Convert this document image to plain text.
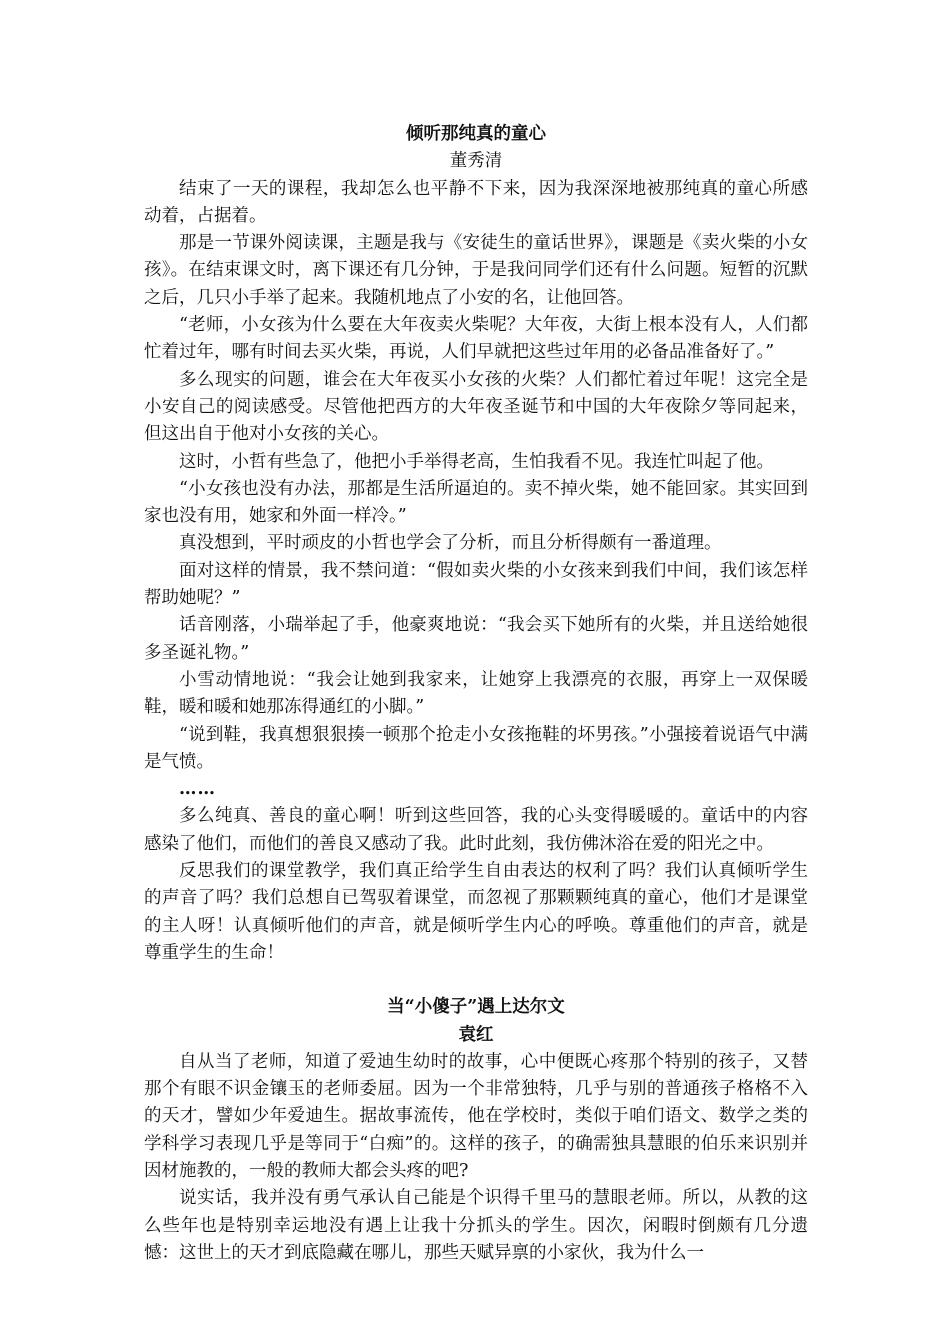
倾听那纯真的童心

董秀清

结束了一天的课程，我却怎么也平静不下来，因为我深深地被那纯真的童心所感动着，占据着。

那是一节课外阅读课，主题是我与《安徒生的童话世界》，课题是《卖火柴的小女孩》。在结束课文时，离下课还有几分钟，于是我问同学们还有什么问题。短暂的沉默之后，几只小手举了起来。我随机地点了小安的名，让他回答。

“老师，小女孩为什么要在大年夜卖火柴呢？大年夜，大街上根本没有人，人们都忙着过年，哪有时间去买火柴，再说，人们早就把这些过年用的必备品准备好了。”

多么现实的问题，谁会在大年夜买小女孩的火柴？人们都忙着过年呢！这完全是小安自己的阅读感受。尽管他把西方的大年夜圣诞节和中国的大年夜除夕等同起来，但这出自于他对小女孩的关心。

这时，小哲有些急了，他把小手举得老高，生怕我看不见。我连忙叫起了他。

“小女孩也没有办法，那都是生活所逼迫的。卖不掉火柴，她不能回家。其实回到家也没有用，她家和外面一样冷。”

真没想到，平时顽皮的小哲也学会了分析，而且分析得颇有一番道理。

面对这样的情景，我不禁问道：“假如卖火柴的小女孩来到我们中间，我们该怎样帮助她呢？”

话音刚落，小瑞举起了手，他豪爽地说：“我会买下她所有的火柴，并且送给她很多圣诞礼物。”

小雪动情地说：“我会让她到我家来，让她穿上我漂亮的衣服，再穿上一双保暖鞋，暖和暖和她那冻得通红的小脚。”

“说到鞋，我真想狠狠揍一顿那个抢走小女孩拖鞋的坏男孩。”小强接着说语气中满是气愤。

……

多么纯真、善良的童心啊！听到这些回答，我的心头变得暖暖的。童话中的内容感染了他们，而他们的善良又感动了我。此时此刻，我仿佛沐浴在爱的阳光之中。

反思我们的课堂教学，我们真正给学生自由表达的权利了吗？我们认真倾听学生的声音了吗？我们总想自已驾驭着课堂，而忽视了那颗颗纯真的童心，他们才是课堂的主人呀！认真倾听他们的声音，就是倾听学生内心的呼唤。尊重他们的声音，就是尊重学生的生命！

当“小傻子”遇上达尔文

袁红

自从当了老师，知道了爱迪生幼时的故事，心中便既心疼那个特别的孩子，又替那个有眼不识金镶玉的老师委屈。因为一个非常独特，几乎与别的普通孩子格格不入的天才，譬如少年爱迪生。据故事流传，他在学校时，类似于咱们语文、数学之类的学科学习表现几乎是等同于“白痴”的。这样的孩子，的确需独具慧眼的伯乐来识别并因材施教的，一般的教师大都会头疼的吧?

说实话，我并没有勇气承认自己能是个识得千里马的慧眼老师。所以，从教的这么些年也是特别幸运地没有遇上让我十分抓头的学生。因次，闲暇时倒颇有几分遗憾：这世上的天才到底隐藏在哪儿，那些天赋异禀的小家伙，我为什么一
